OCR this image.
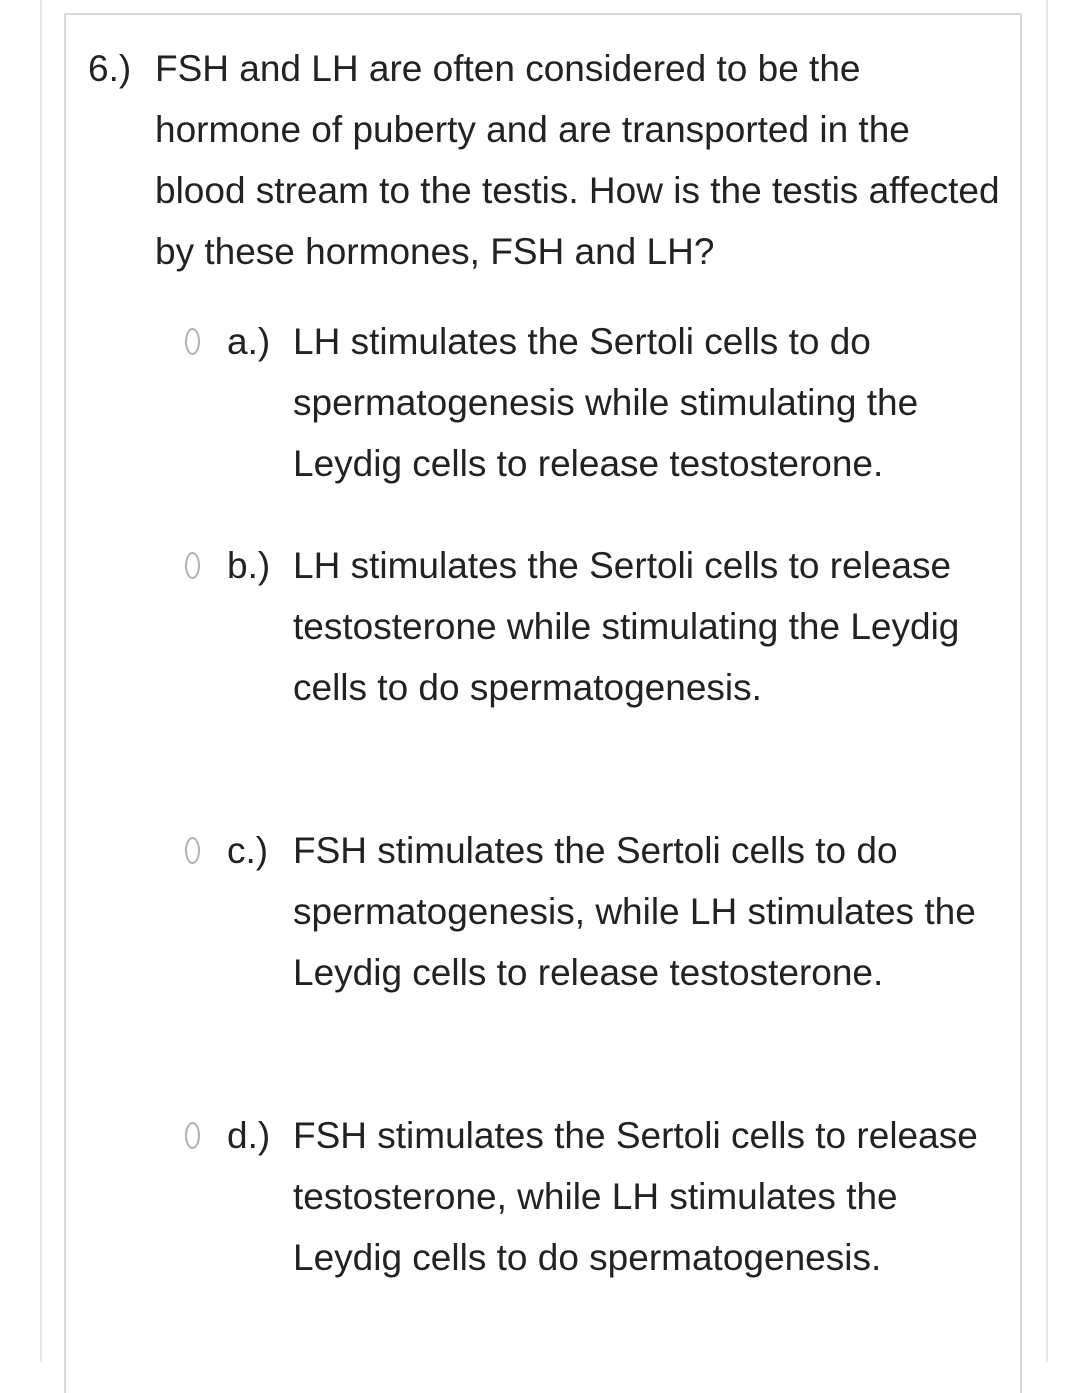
6.) FSH and LH are often considered to be the hormone of puberty and are transported in the blood stream to the testis. How is the testis affected by these hormones, FSH and LH?
a.) LH stimulates the Sertoli cells to do spermatogenesis while stimulating the Leydig cells to release testosterone.
b.) LH stimulates the Sertoli cells to release testosterone while stimulating the Leydig cells to do spermatogenesis.
c.) FSH stimulates the Sertoli cells to do spermatogenesis, while LH stimulates the Leydig cells to release testosterone.
d.) FSH stimulates the Sertoli cells to release testosterone, while LH stimulates the Leydig cells to do spermatogenesis.
